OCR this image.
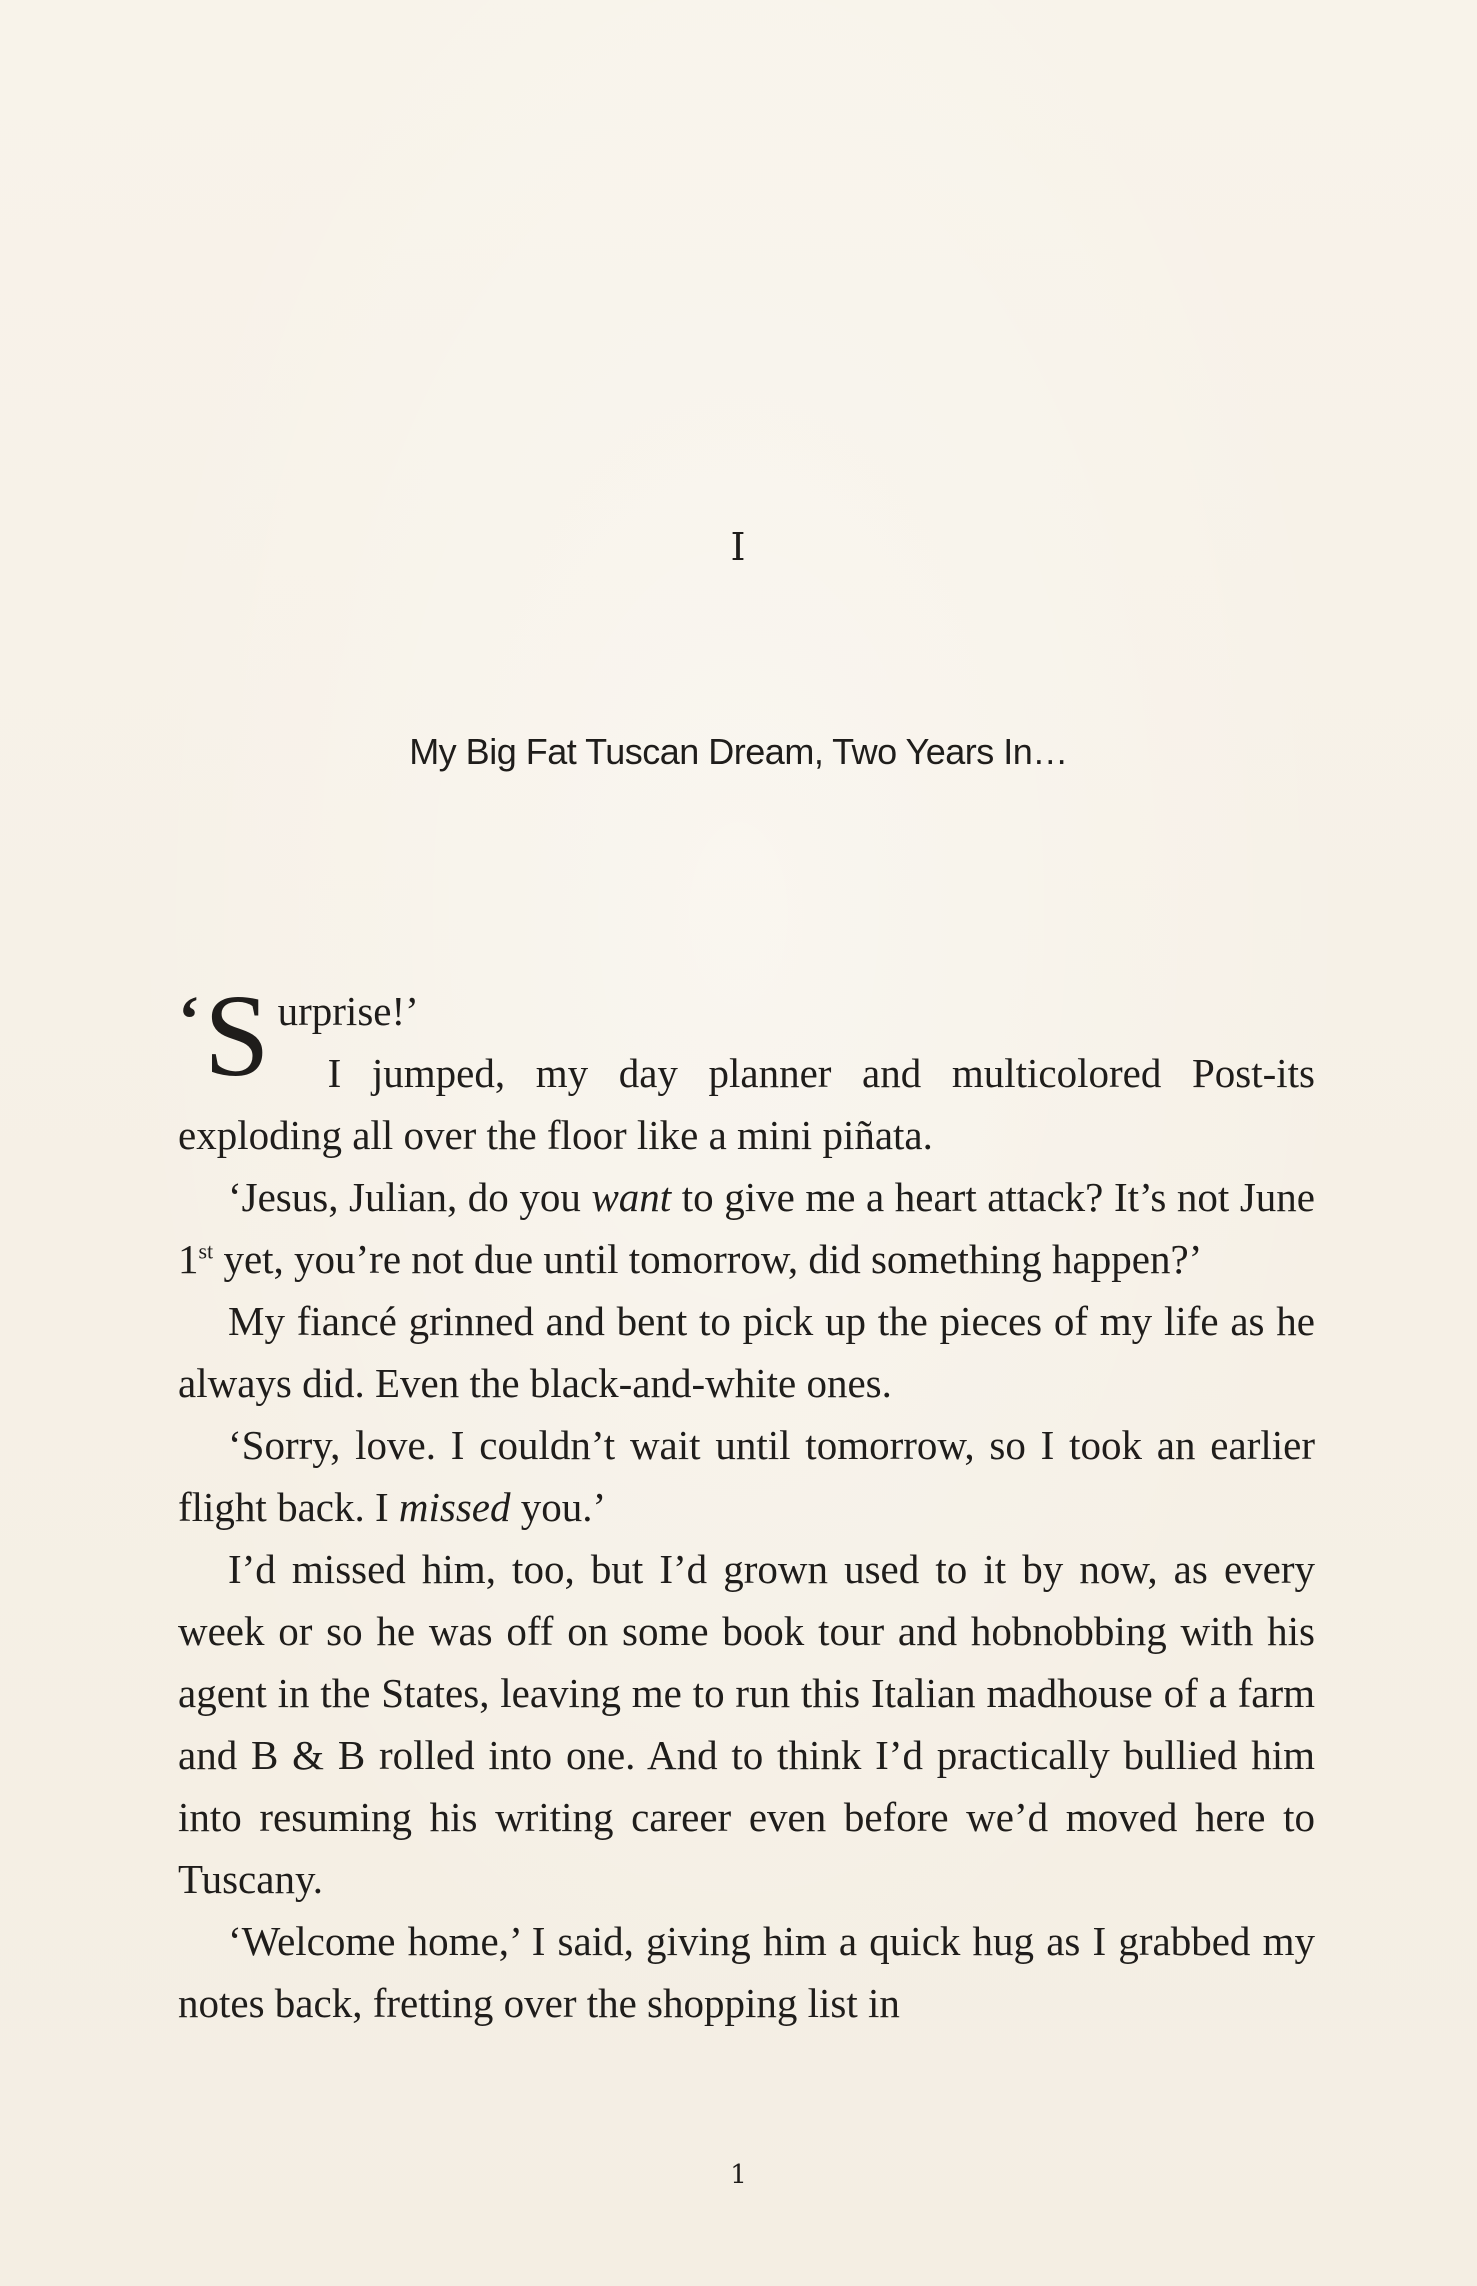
I
My Big Fat Tuscan Dream, Two Years In…

‘ S urprise!’

I jumped, my day planner and multicolored Post-its exploding all over the floor like a mini piñata.

‘Jesus, Julian, do you want to give me a heart attack? It’s not June 1st yet, you’re not due until tomorrow, did something happen?’

My fiancé grinned and bent to pick up the pieces of my life as he always did. Even the black-and-white ones.

‘Sorry, love. I couldn’t wait until tomorrow, so I took an earlier flight back. I missed you.’

I’d missed him, too, but I’d grown used to it by now, as every week or so he was off on some book tour and hobnobbing with his agent in the States, leaving me to run this Italian madhouse of a farm and B & B rolled into one. And to think I’d practically bullied him into resuming his writing career even before we’d moved here to Tuscany.

‘Welcome home,’ I said, giving him a quick hug as I grabbed my notes back, fretting over the shopping list in

1
